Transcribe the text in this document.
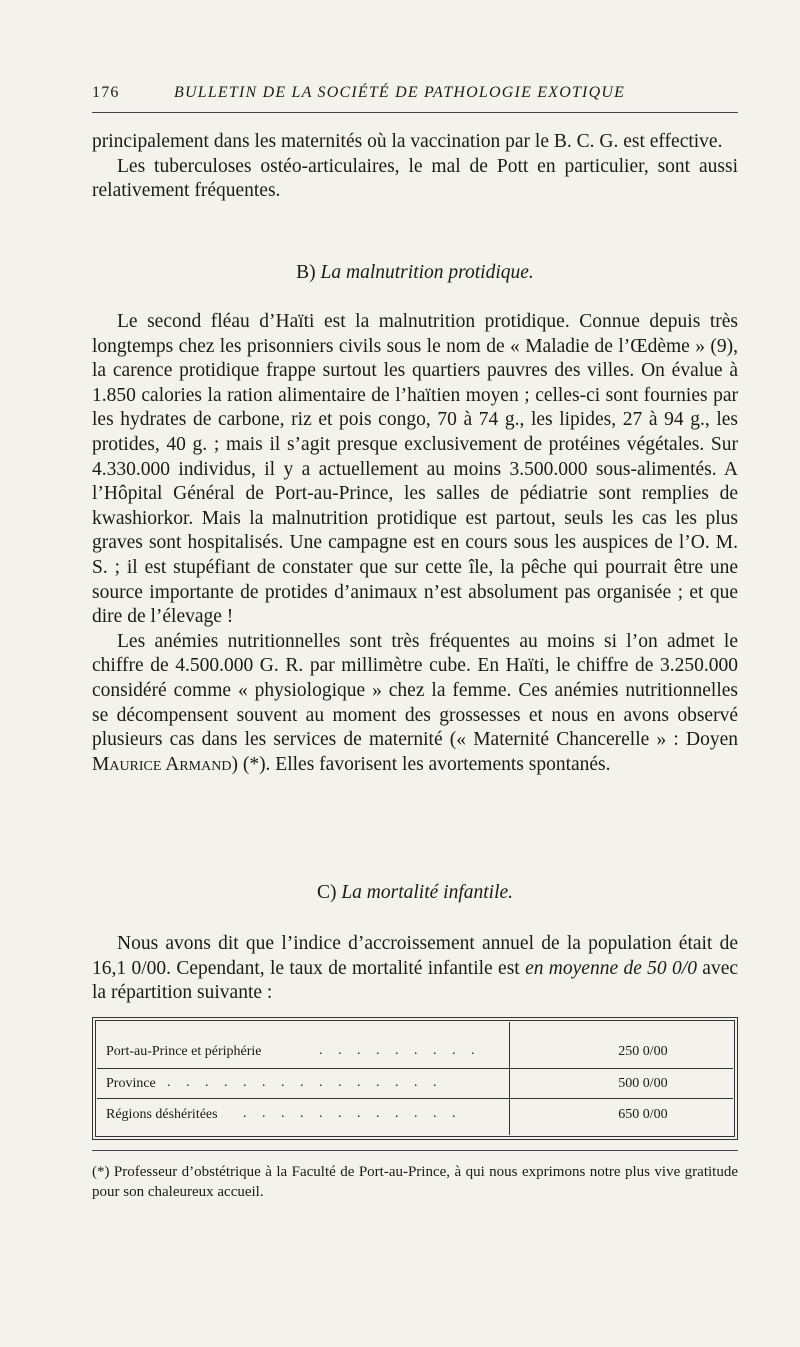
176	BULLETIN DE LA SOCIÉTÉ DE PATHOLOGIE EXOTIQUE

principalement dans les maternités où la vaccination par le B. C. G. est effective.

Les tuberculoses ostéo-articulaires, le mal de Pott en particulier, sont aussi relativement fréquentes.

B) La malnutrition protidique.

Le second fléau d’Haïti est la malnutrition protidique. Connue depuis très longtemps chez les prisonniers civils sous le nom de « Maladie de l’Œdème » (9), la carence protidique frappe surtout les quartiers pauvres des villes. On évalue à 1.850 calories la ration alimentaire de l’haïtien moyen ; celles-ci sont fournies par les hydrates de carbone, riz et pois congo, 70 à 74 g., les lipides, 27 à 94 g., les protides, 40 g. ; mais il s’agit presque exclusivement de protéines végétales. Sur 4.330.000 individus, il y a actuellement au moins 3.500.000 sous-alimentés. A l’Hôpital Général de Port-au-Prince, les salles de pédiatrie sont remplies de kwashiorkor. Mais la malnutrition protidique est partout, seuls les cas les plus graves sont hospitalisés. Une campagne est en cours sous les auspices de l’O. M. S. ; il est stupéfiant de constater que sur cette île, la pêche qui pourrait être une source importante de protides d’animaux n’est absolument pas organisée ; et que dire de l’élevage !

Les anémies nutritionnelles sont très fréquentes au moins si l’on admet le chiffre de 4.500.000 G. R. par millimètre cube. En Haïti, le chiffre de 3.250.000 considéré comme « physiologique » chez la femme. Ces anémies nutritionnelles se décompensent souvent au moment des grossesses et nous en avons observé plusieurs cas dans les services de maternité (« Maternité Chancerelle » : Doyen Maurice Armand) (*). Elles favorisent les avortements spontanés.

C) La mortalité infantile.

Nous avons dit que l’indice d’accroissement annuel de la population était de 16,1 0/00. Cependant, le taux de mortalité infantile est en moyenne de 50 0/0 avec la répartition suivante :

Port-au-Prince et périphérie	. . . . . . . . .	250 0/00
Province . . . . . . . . . . . . . . .	500 0/00
Régions déshéritées . . . . . . . . . . . .	650 0/00
(*) Professeur d’obstétrique à la Faculté de Port-au-Prince, à qui nous exprimons notre plus vive gratitude pour son chaleureux accueil.
